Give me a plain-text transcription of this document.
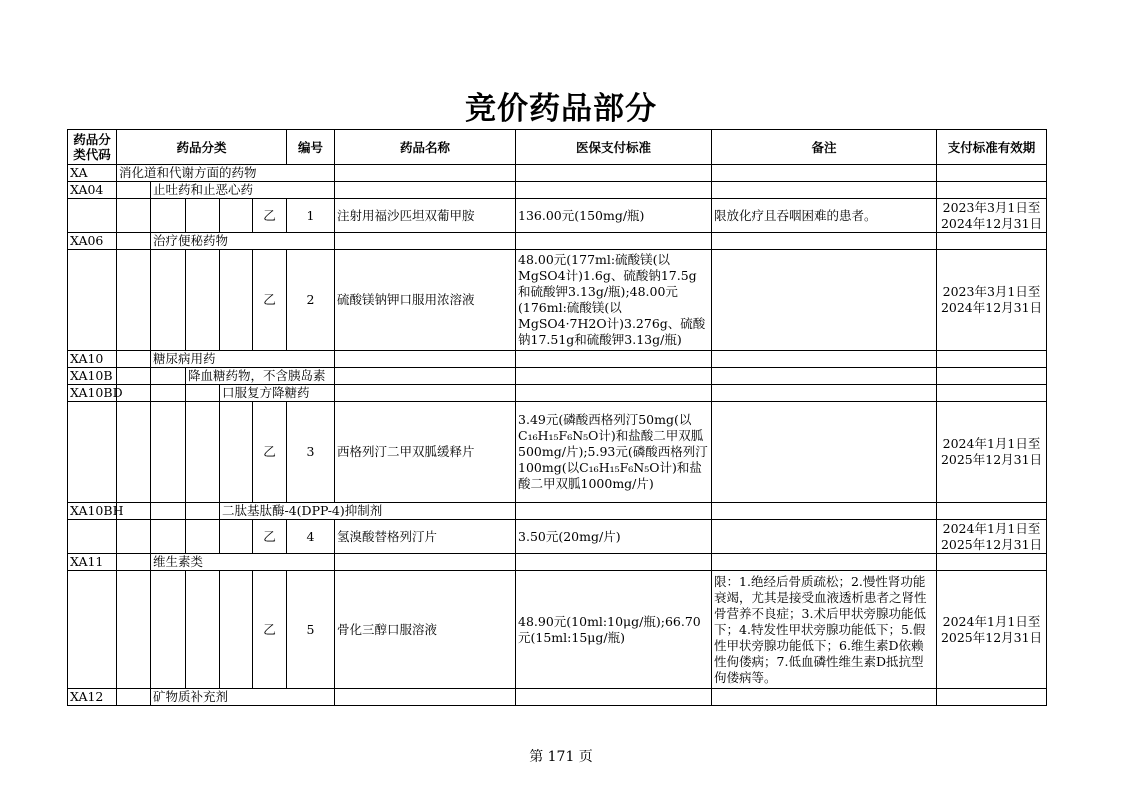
竞价药品部分
药品分类代码	药品分类					编号	药品名称	医保支付标准	备注	支付标准有效期
XA	消化道和代谢方面的药物									
XA04		止吐药和止恶心药								
					乙	1	注射用福沙匹坦双葡甲胺	136.00元(150mg/瓶)	限放化疗且吞咽困难的患者。	2023年3月1日至2024年12月31日
XA06		治疗便秘药物								
					乙	2	硫酸镁钠钾口服用浓溶液	48.00元(177ml:硫酸镁(以MgSO4计)1.6g、硫酸钠17.5g和硫酸钾3.13g/瓶);48.00元(176ml:硫酸镁(以MgSO4·7H2O计)3.276g、硫酸钠17.51g和硫酸钾3.13g/瓶)		2023年3月1日至2024年12月31日
XA10		糖尿病用药								
XA10B			降血糖药物，不含胰岛素							
XA10BD				口服复方降糖药						
					乙	3	西格列汀二甲双胍缓释片	3.49元(磷酸西格列汀50mg(以C₁₆H₁₅F₆N₅O计)和盐酸二甲双胍500mg/片);5.93元(磷酸西格列汀100mg(以C₁₆H₁₅F₆N₅O计)和盐酸二甲双胍1000mg/片)		2024年1月1日至2025年12月31日
XA10BH				二肽基肽酶-4(DPP-4)抑制剂						
					乙	4	氢溴酸替格列汀片	3.50元(20mg/片)		2024年1月1日至2025年12月31日
XA11		维生素类								
					乙	5	骨化三醇口服溶液	48.90元(10ml:10μg/瓶);66.70元(15ml:15μg/瓶)	限：1.绝经后骨质疏松；2.慢性肾功能衰竭，尤其是接受血液透析患者之肾性骨营养不良症；3.术后甲状旁腺功能低下；4.特发性甲状旁腺功能低下；5.假性甲状旁腺功能低下；6.维生素D依赖性佝偻病；7.低血磷性维生素D抵抗型佝偻病等。	2024年1月1日至2025年12月31日
XA12		矿物质补充剂								
第 171 页
